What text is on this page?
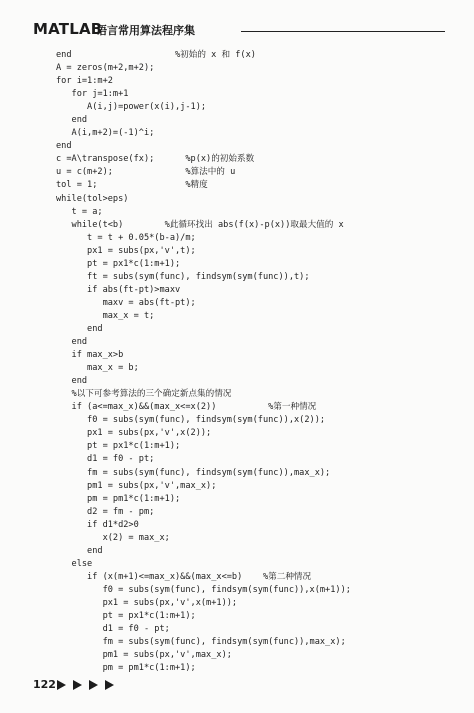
MATLAB
语言常用算法程序集
end                    %初始的 x 和 f(x)
A = zeros(m+2,m+2);
for i=1:m+2
for j=1:m+1
A(i,j)=power(x(i),j-1);
end
A(i,m+2)=(-1)^i;
end
c =A\transpose(fx);      %p(x)的初始系数
u = c(m+2);              %算法中的 u
tol = 1;                 %精度
while(tol>eps)
t = a;
while(t<b)        %此循环找出 abs(f(x)-p(x))取最大值的 x
t = t + 0.05*(b-a)/m;
px1 = subs(px,'v',t);
pt = px1*c(1:m+1);
ft = subs(sym(func), findsym(sym(func)),t);
if abs(ft-pt)>maxv
maxv = abs(ft-pt);
max_x = t;
end
end
if max_x>b
max_x = b;
end
%以下可参考算法的三个确定新点集的情况
if (a<=max_x)&&(max_x<=x(2))          %第一种情况
f0 = subs(sym(func), findsym(sym(func)),x(2));
px1 = subs(px,'v',x(2));
pt = px1*c(1:m+1);
d1 = f0 - pt;
fm = subs(sym(func), findsym(sym(func)),max_x);
pm1 = subs(px,'v',max_x);
pm = pm1*c(1:m+1);
d2 = fm - pm;
if d1*d2>0
x(2) = max_x;
end
else
if (x(m+1)<=max_x)&&(max_x<=b)    %第二种情况
f0 = subs(sym(func), findsym(sym(func)),x(m+1));
px1 = subs(px,'v',x(m+1));
pt = px1*c(1:m+1);
d1 = f0 - pt;
fm = subs(sym(func), findsym(sym(func)),max_x);
pm1 = subs(px,'v',max_x);
pm = pm1*c(1:m+1);
122
